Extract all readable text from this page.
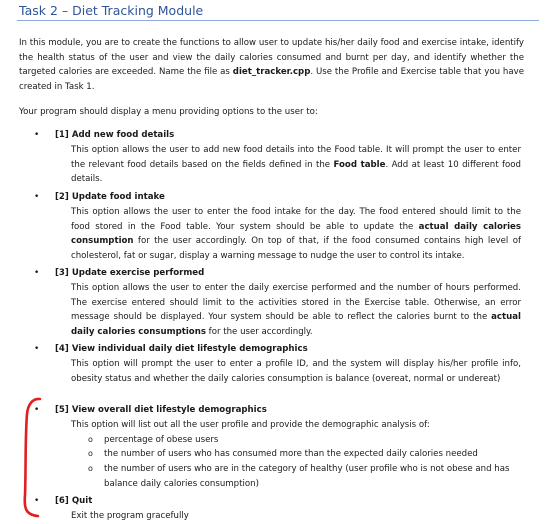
Task 2 – Diet Tracking Module
In this module, you are to create the functions to allow user to update his/her daily food and exercise intake, identify the health status of the user and view the daily calories consumed and burnt per day, and identify whether the targeted calories are exceeded. Name the file as diet_tracker.cpp. Use the Profile and Exercise table that you have created in Task 1.
Your program should display a menu providing options to the user to:
• [1] Add new food details
This option allows the user to add new food details into the Food table. It will prompt the user to enter the relevant food details based on the fields defined in the Food table. Add at least 10 different food details.
• [2] Update food intake
This option allows the user to enter the food intake for the day. The food entered should limit to the food stored in the Food table. Your system should be able to update the actual daily calories consumption for the user accordingly. On top of that, if the food consumed contains high level of cholesterol, fat or sugar, display a warning message to nudge the user to control its intake.
• [3] Update exercise performed
This option allows the user to enter the daily exercise performed and the number of hours performed. The exercise entered should limit to the activities stored in the Exercise table. Otherwise, an error message should be displayed. Your system should be able to reflect the calories burnt to the actual daily calories consumptions for the user accordingly.
• [4] View individual daily diet lifestyle demographics
This option will prompt the user to enter a profile ID, and the system will display his/her profile info, obesity status and whether the daily calories consumption is balance (overeat, normal or undereat)
• [5] View overall diet lifestyle demographics
This option will list out all the user profile and provide the demographic analysis of:
o percentage of obese users
o the number of users who has consumed more than the expected daily calories needed
o the number of users who are in the category of healthy (user profile who is not obese and has balance daily calories consumption)
• [6] Quit
Exit the program gracefully
